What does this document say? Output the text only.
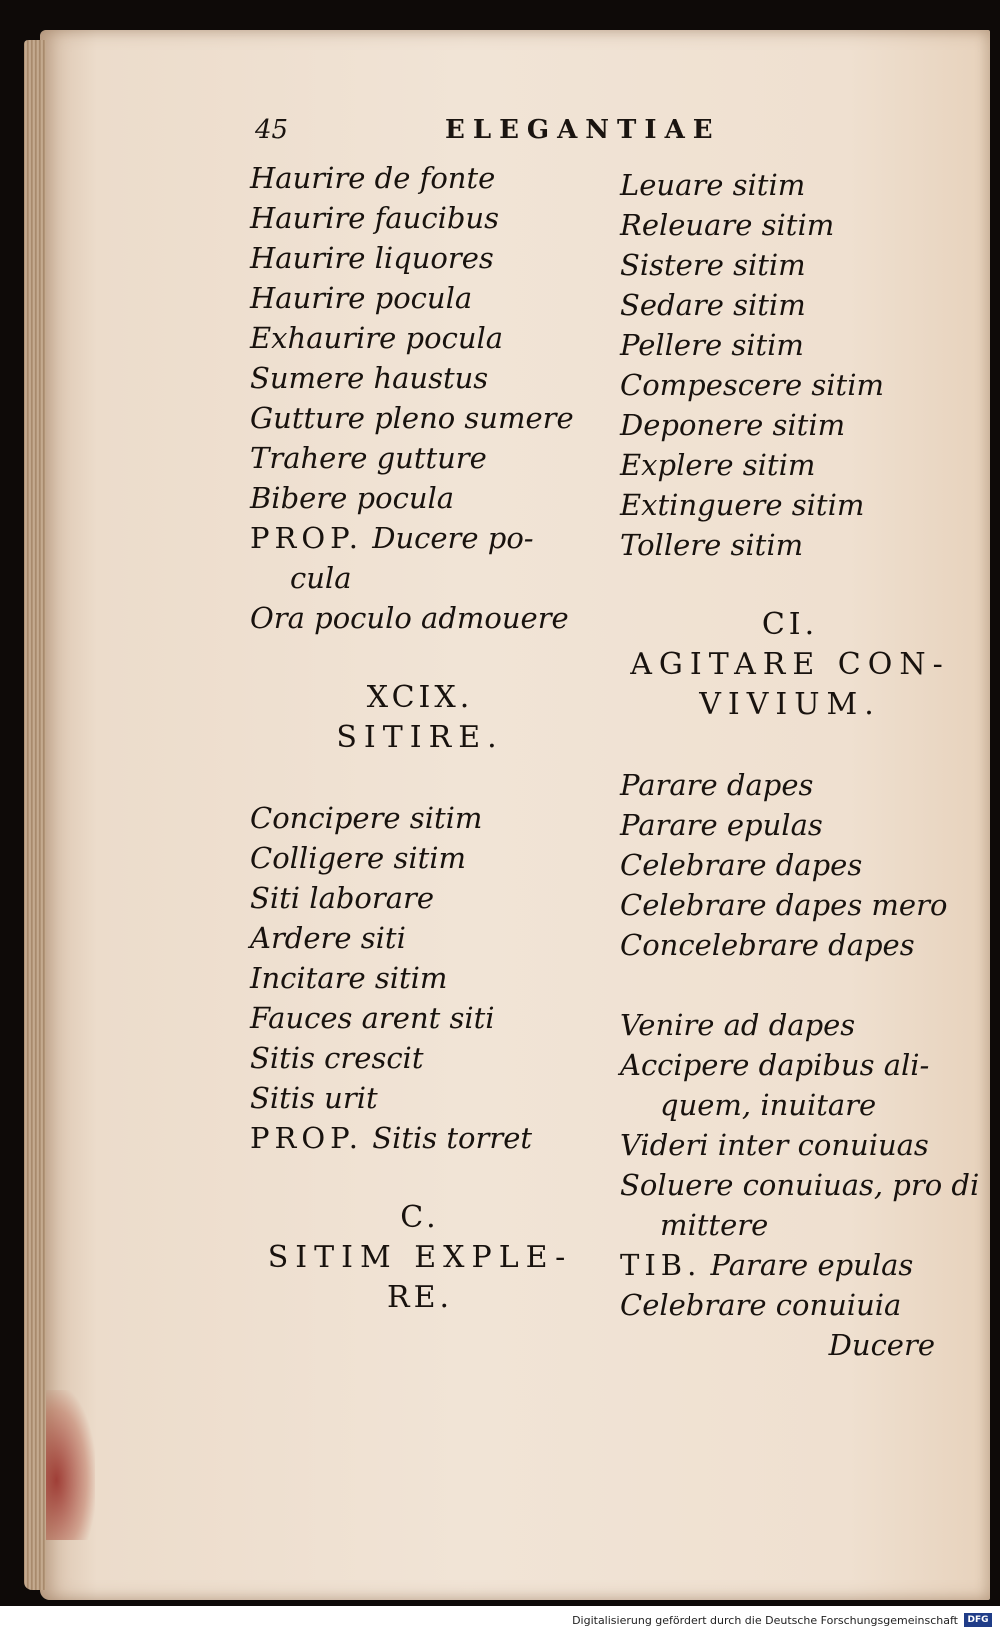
45	ELEGANTIAE
Haurire de fonte
Haurire faucibus
Haurire liquores
Haurire pocula
Exhaurire pocula
Sumere haustus
Gutture pleno sumere
Trahere gutture
Bibere pocula
PROP. Ducere po-
cula
Ora poculo admouere
XCIX.
SITIRE.
Concipere sitim
Colligere sitim
Siti laborare
Ardere siti
Incitare sitim
Fauces arent siti
Sitis crescit
Sitis urit
PROP. Sitis torret
C.
SITIM EXPLE-
RE.
Leuare sitim
Releuare sitim
Sistere sitim
Sedare sitim
Pellere sitim
Compescere sitim
Deponere sitim
Explere sitim
Extinguere sitim
Tollere sitim
CI.
AGITARE CON-
VIVIUM.
Parare dapes
Parare epulas
Celebrare dapes
Celebrare dapes mero
Concelebrare dapes
Venire ad dapes
Accipere dapibus ali-
quem, inuitare
Videri inter conuiuas
Soluere conuiuas, pro di
mittere
TIB. Parare epulas
Celebrare conuiuia
Ducere
Digitalisierung gefördert durch die Deutsche Forschungsgemeinschaft	DFG
